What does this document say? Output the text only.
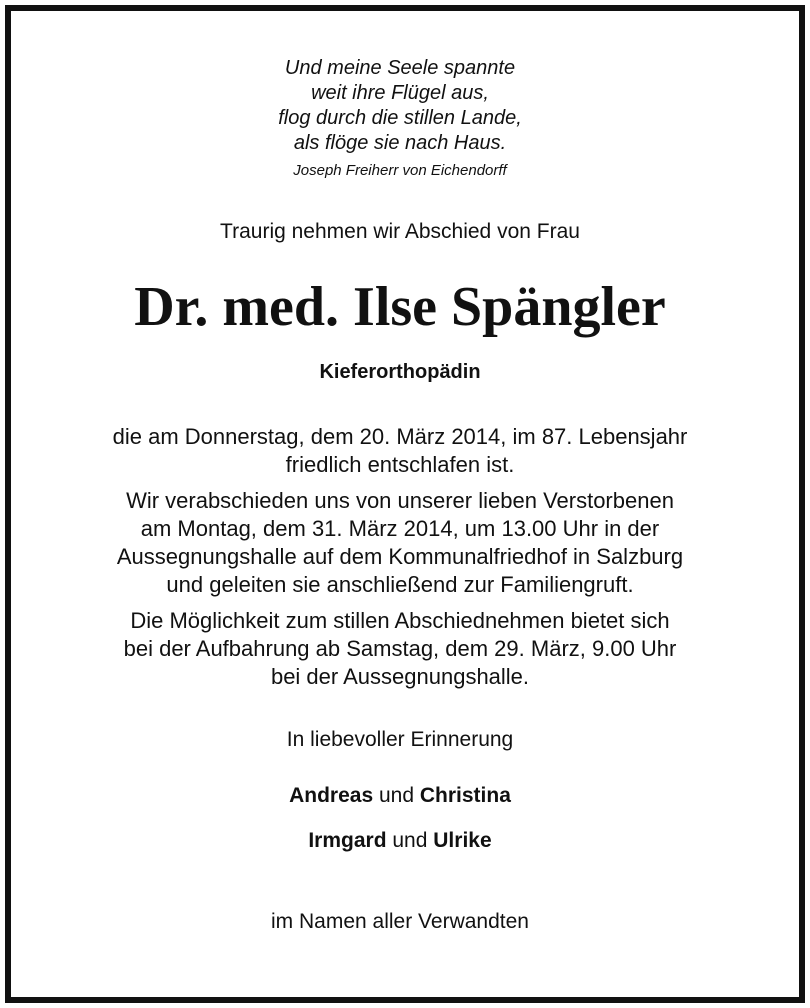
Und meine Seele spannte
weit ihre Flügel aus,
flog durch die stillen Lande,
als flöge sie nach Haus.
Joseph Freiherr von Eichendorff
Traurig nehmen wir Abschied von Frau
Dr. med. Ilse Spängler
Kieferorthopädin
die am Donnerstag, dem 20. März 2014, im 87. Lebensjahr
friedlich entschlafen ist.
Wir verabschieden uns von unserer lieben Verstorbenen
am Montag, dem 31. März 2014, um 13.00 Uhr in der
Aussegnungshalle auf dem Kommunalfriedhof in Salzburg
und geleiten sie anschließend zur Familiengruft.
Die Möglichkeit zum stillen Abschiednehmen bietet sich
bei der Aufbahrung ab Samstag, dem 29. März, 9.00 Uhr
bei der Aussegnungshalle.
In liebevoller Erinnerung
Andreas und Christina
Irmgard und Ulrike
im Namen aller Verwandten
